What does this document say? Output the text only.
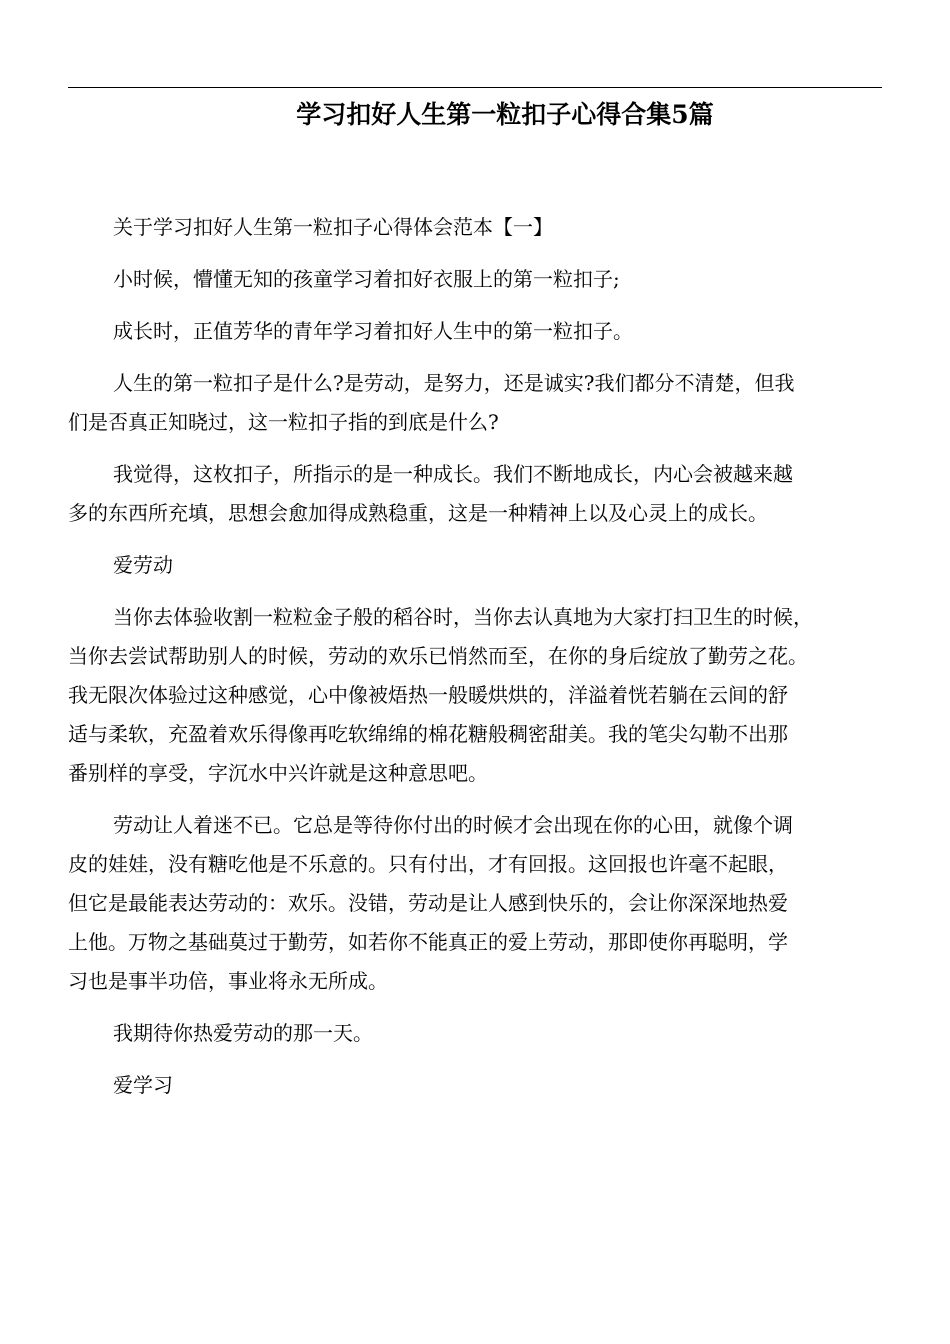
学习扣好人生第一粒扣子心得合集5篇

关于学习扣好人生第一粒扣子心得体会范本【一】

小时候，懵懂无知的孩童学习着扣好衣服上的第一粒扣子;

成长时，正值芳华的青年学习着扣好人生中的第一粒扣子。

人生的第一粒扣子是什么?是劳动，是努力，还是诚实?我们都分不清楚，但我
们是否真正知晓过，这一粒扣子指的到底是什么?

我觉得，这枚扣子，所指示的是一种成长。我们不断地成长，内心会被越来越
多的东西所充填，思想会愈加得成熟稳重，这是一种精神上以及心灵上的成长。

爱劳动

当你去体验收割一粒粒金子般的稻谷时，当你去认真地为大家打扫卫生的时候，
当你去尝试帮助别人的时候，劳动的欢乐已悄然而至，在你的身后绽放了勤劳之花。
我无限次体验过这种感觉，心中像被焐热一般暖烘烘的，洋溢着恍若躺在云间的舒
适与柔软，充盈着欢乐得像再吃软绵绵的棉花糖般稠密甜美。我的笔尖勾勒不出那
番别样的享受，字沉水中兴许就是这种意思吧。

劳动让人着迷不已。它总是等待你付出的时候才会出现在你的心田，就像个调
皮的娃娃，没有糖吃他是不乐意的。只有付出，才有回报。这回报也许毫不起眼，
但它是最能表达劳动的：欢乐。没错，劳动是让人感到快乐的，会让你深深地热爱
上他。万物之基础莫过于勤劳，如若你不能真正的爱上劳动，那即使你再聪明，学
习也是事半功倍，事业将永无所成。

我期待你热爱劳动的那一天。

爱学习
